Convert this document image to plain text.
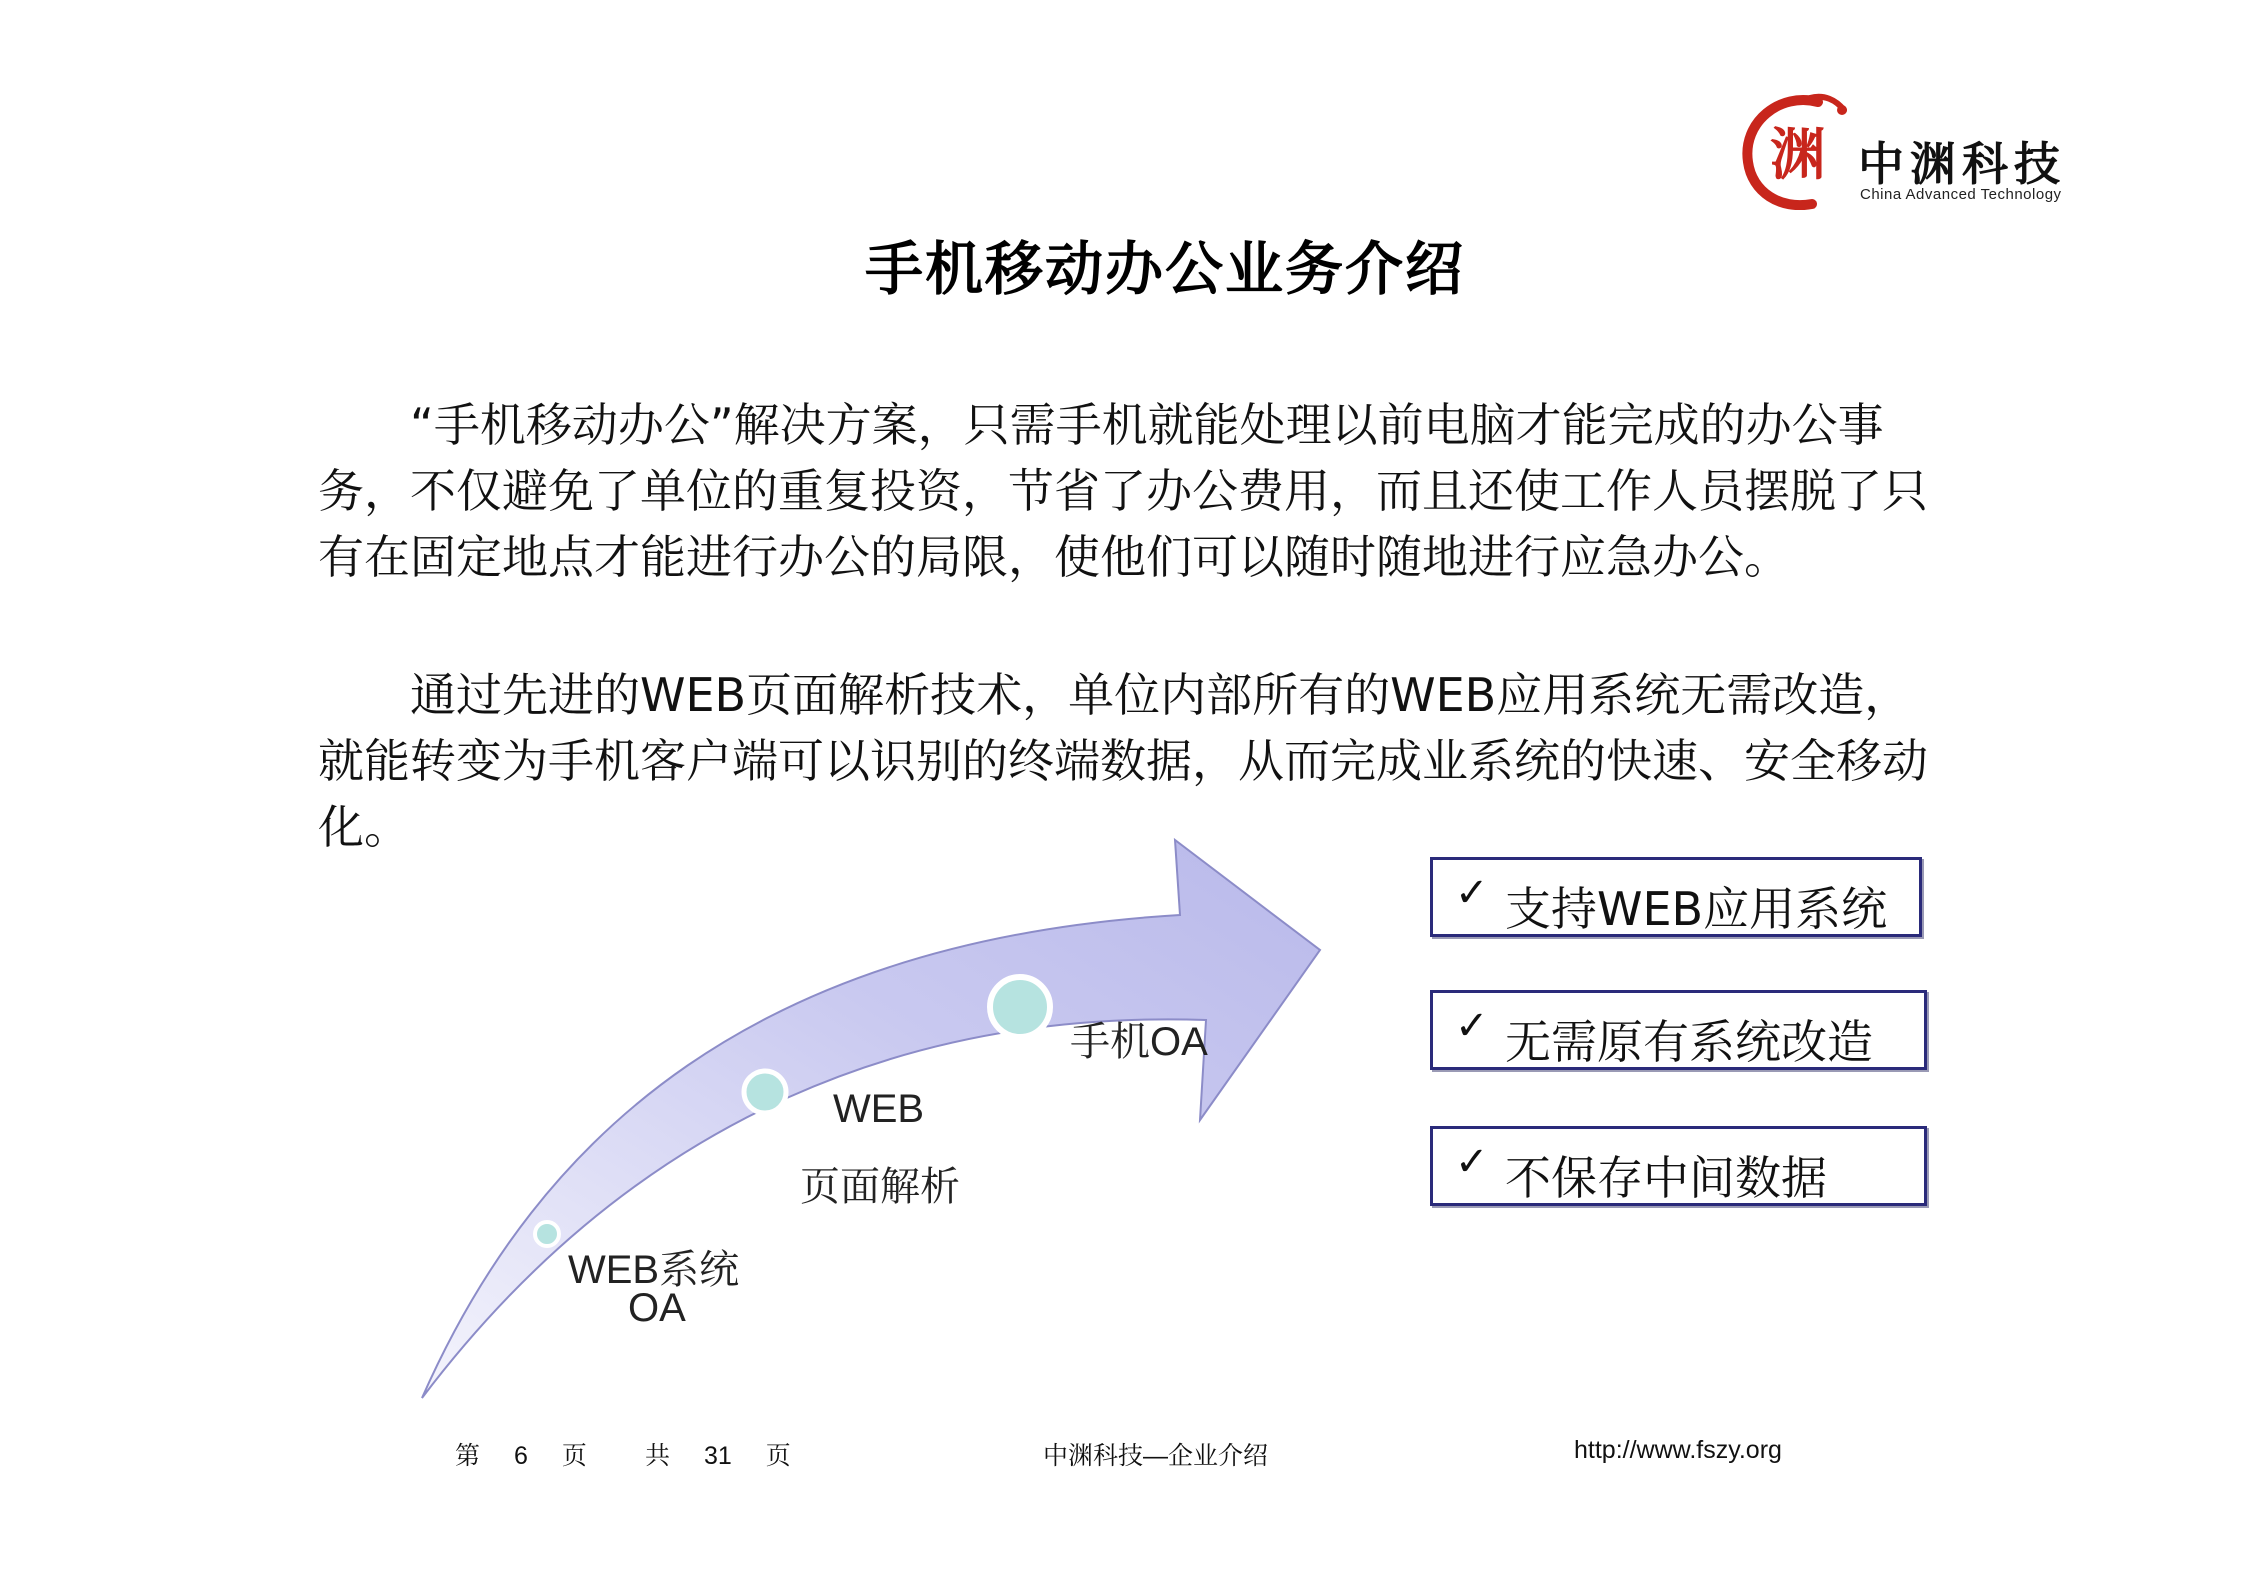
渊 中渊科技
China Advanced Technology
手机移动办公业务介绍

“手机移动办公”解决方案，只需手机就能处理以前电脑才能完成的办公事务，不仅避免了单位的重复投资，节省了办公费用，而且还使工作人员摆脱了只有在固定地点才能进行办公的局限，使他们可以随时随地进行应急办公。

通过先进的WEB页面解析技术，单位内部所有的WEB应用系统无需改造，就能转变为手机客户端可以识别的终端数据，从而完成业系统的快速、安全移动化。

WEB系统
OA
WEB
页面解析
手机OA
✓ 支持WEB应用系统
✓ 无需原有系统改造
✓ 不保存中间数据
第 6 页 共 31 页	中渊科技—企业介绍	http://www.fszy.org
